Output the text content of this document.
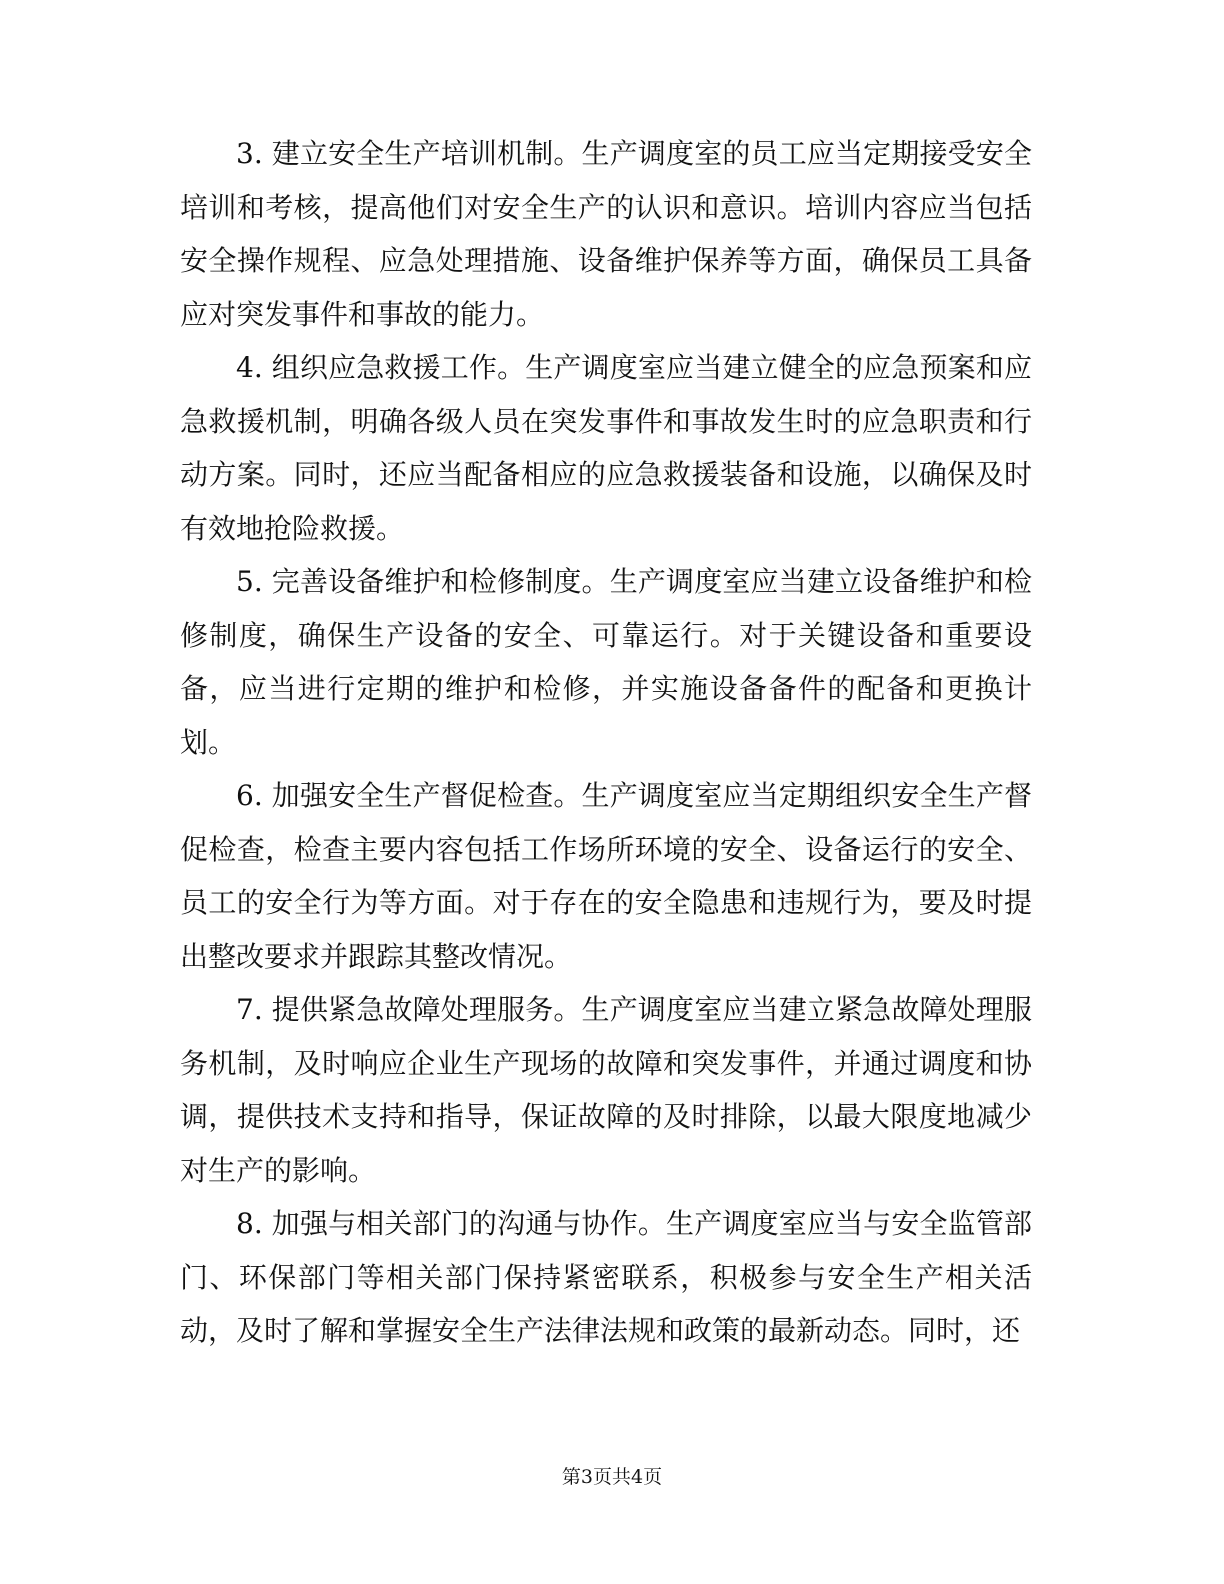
3. 建立安全生产培训机制。生产调度室的员工应当定期接受安全培训和考核，提高他们对安全生产的认识和意识。培训内容应当包括安全操作规程、应急处理措施、设备维护保养等方面，确保员工具备应对突发事件和事故的能力。

4. 组织应急救援工作。生产调度室应当建立健全的应急预案和应急救援机制，明确各级人员在突发事件和事故发生时的应急职责和行动方案。同时，还应当配备相应的应急救援装备和设施，以确保及时有效地抢险救援。

5. 完善设备维护和检修制度。生产调度室应当建立设备维护和检修制度，确保生产设备的安全、可靠运行。对于关键设备和重要设备，应当进行定期的维护和检修，并实施设备备件的配备和更换计划。

6. 加强安全生产督促检查。生产调度室应当定期组织安全生产督促检查，检查主要内容包括工作场所环境的安全、设备运行的安全、员工的安全行为等方面。对于存在的安全隐患和违规行为，要及时提出整改要求并跟踪其整改情况。

7. 提供紧急故障处理服务。生产调度室应当建立紧急故障处理服务机制，及时响应企业生产现场的故障和突发事件，并通过调度和协调，提供技术支持和指导，保证故障的及时排除，以最大限度地减少对生产的影响。

8. 加强与相关部门的沟通与协作。生产调度室应当与安全监管部门、环保部门等相关部门保持紧密联系，积极参与安全生产相关活动，及时了解和掌握安全生产法律法规和政策的最新动态。同时，还

第3页共4页
